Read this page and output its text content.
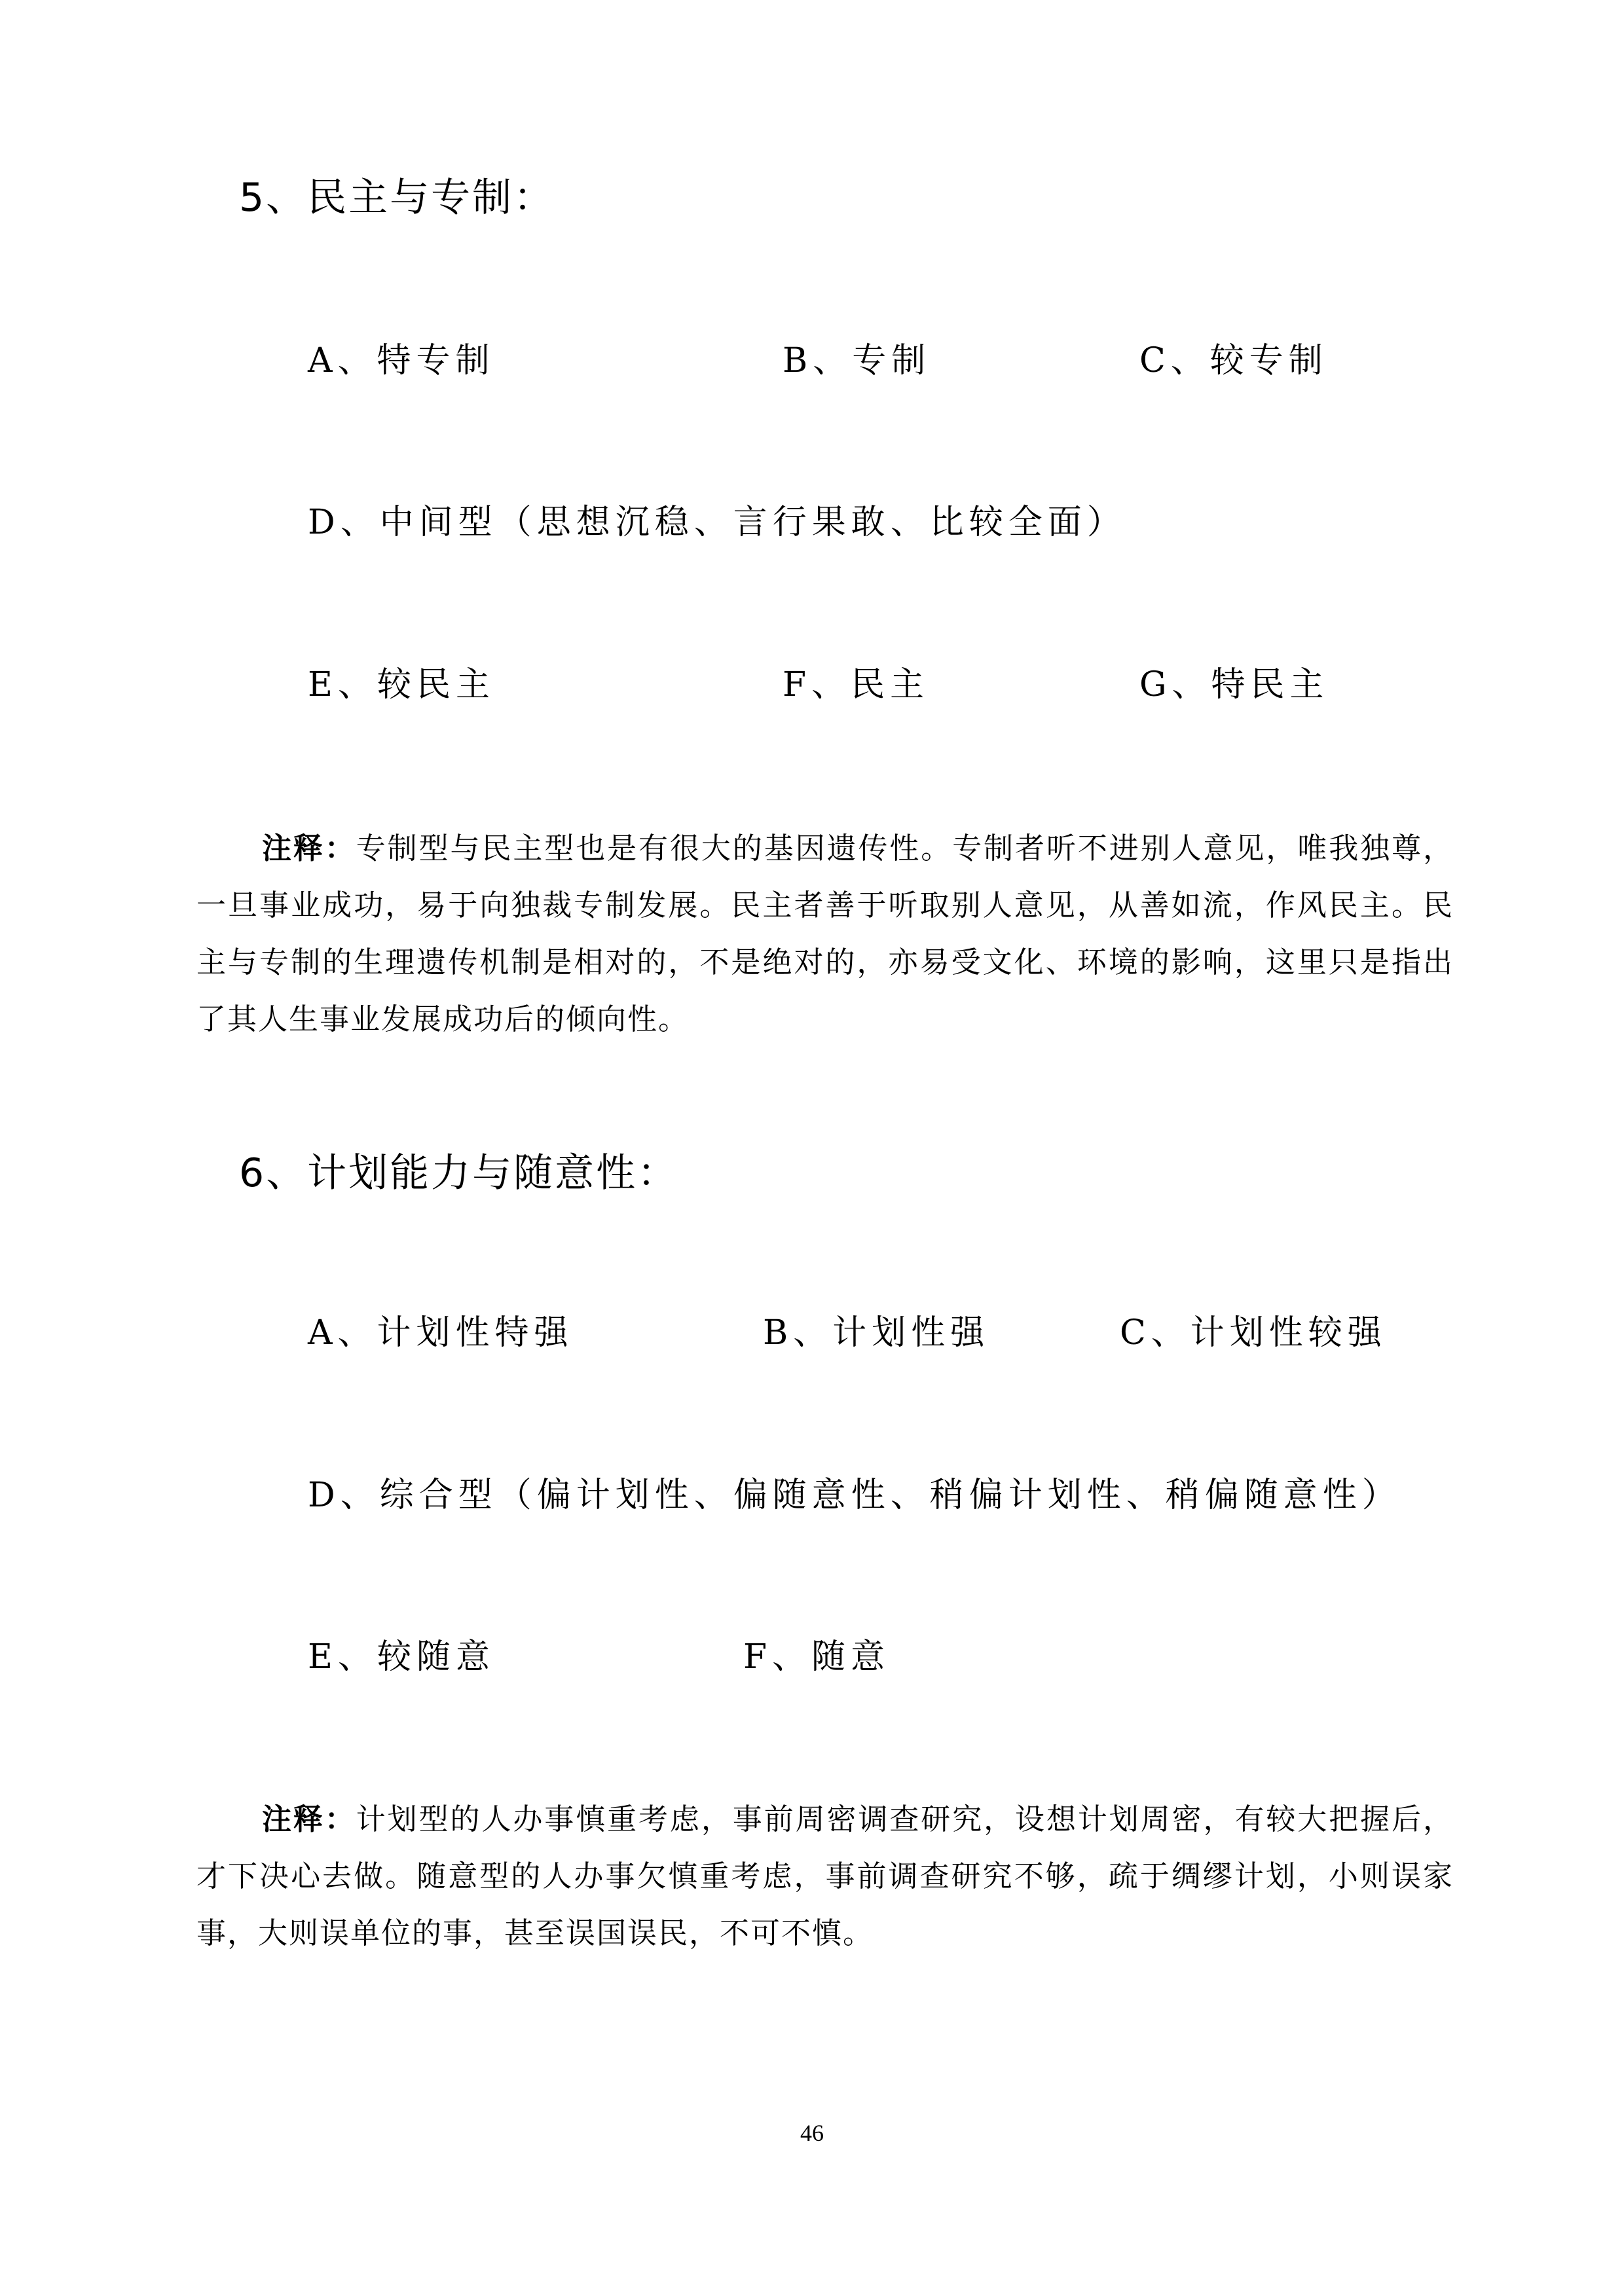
5、民主与专制：
A、特专制	B、专制	C、较专制
D、中间型（思想沉稳、言行果敢、比较全面）
E、较民主	F、民主	G、特民主

注释：专制型与民主型也是有很大的基因遗传性。专制者听不进别人意见，唯我独尊，一旦事业成功，易于向独裁专制发展。民主者善于听取别人意见，从善如流，作风民主。民主与专制的生理遗传机制是相对的，不是绝对的，亦易受文化、环境的影响，这里只是指出了其人生事业发展成功后的倾向性。

6、计划能力与随意性：
A、计划性特强	B、计划性强	C、计划性较强
D、综合型（偏计划性、偏随意性、稍偏计划性、稍偏随意性）
E、较随意	F、随意

注释：计划型的人办事慎重考虑，事前周密调查研究，设想计划周密，有较大把握后，才下决心去做。随意型的人办事欠慎重考虑，事前调查研究不够，疏于绸缪计划，小则误家事，大则误单位的事，甚至误国误民，不可不慎。

46
